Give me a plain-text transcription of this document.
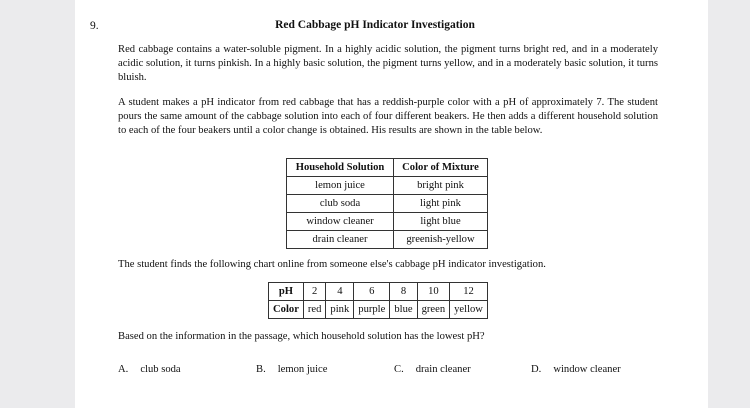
9.	Red Cabbage pH Indicator Investigation
Red cabbage contains a water-soluble pigment. In a highly acidic solution, the pigment turns bright red, and in a moderately acidic solution, it turns pinkish. In a highly basic solution, the pigment turns yellow, and in a moderately basic solution, it turns bluish.
A student makes a pH indicator from red cabbage that has a reddish-purple color with a pH of approximately 7. The student pours the same amount of the cabbage solution into each of four different beakers. He then adds a different household solution to each of the four beakers until a color change is obtained. His results are shown in the table below.
Household Solution	Color of Mixture
lemon juice	bright pink
club soda	light pink
window cleaner	light blue
drain cleaner	greenish-yellow
The student finds the following chart online from someone else's cabbage pH indicator investigation.
pH	2	4	6	8	10	12
Color	red	pink	purple	blue	green	yellow
Based on the information in the passage, which household solution has the lowest pH?
A. club soda	B. lemon juice	C. drain cleaner	D. window cleaner
